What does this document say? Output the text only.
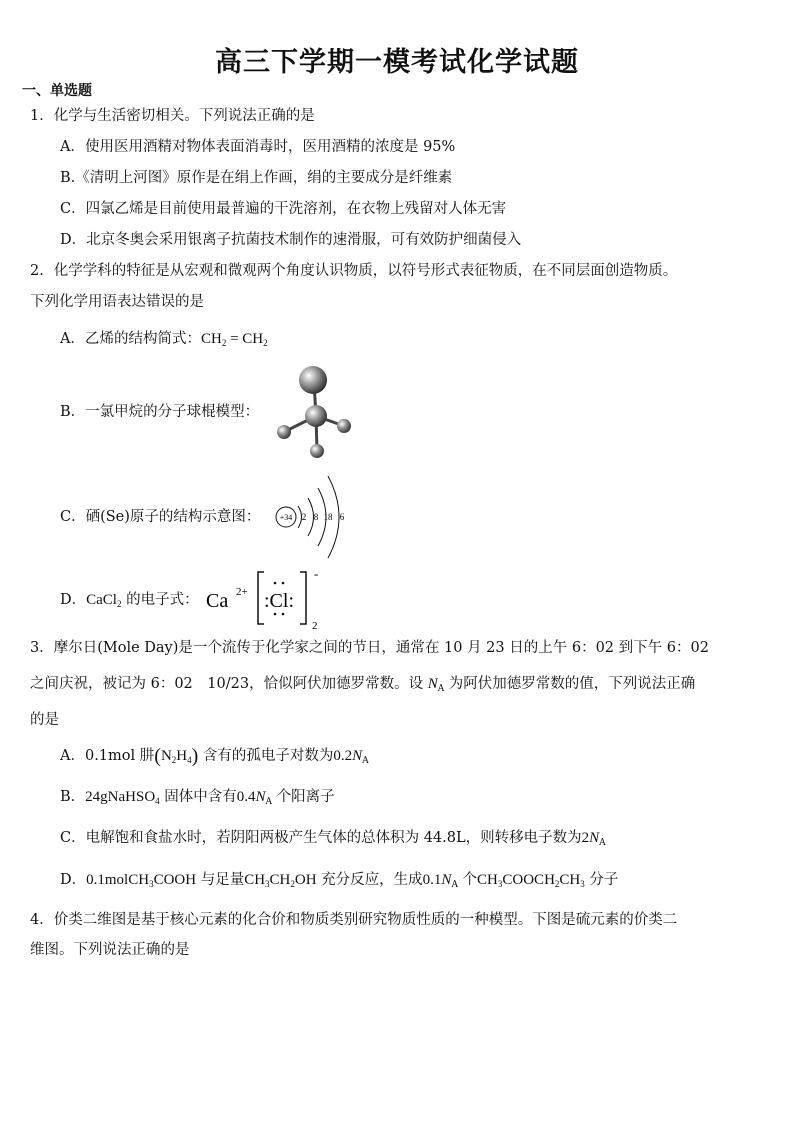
高三下学期一模考试化学试题
一、单选题
1．化学与生活密切相关。下列说法正确的是
A．使用医用酒精对物体表面消毒时，医用酒精的浓度是 95%
B.《清明上河图》原作是在绢上作画，绢的主要成分是纤维素
C．四氯乙烯是目前使用最普遍的干洗溶剂，在衣物上残留对人体无害
D．北京冬奥会采用银离子抗菌技术制作的速滑服，可有效防护细菌侵入
2．化学学科的特征是从宏观和微观两个角度认识物质，以符号形式表征物质，在不同层面创造物质。
下列化学用语表达错误的是
A．乙烯的结构简式：$CH_2 = CH_2$
B．一氯甲烷的分子球棍模型：
C．硒(Se)原子的结构示意图： +34 2 8 18 6
D．CaCl$_2$ 的电子式： Ca 2+ :Cl:
-
2
3．摩尔日(Mole Day)是一个流传于化学家之间的节日，通常在 10 月 23 日的上午 6：02 到下午 6：02
之间庆祝，被记为 6：02　10/23，恰似阿伏加德罗常数。设 $N_A$ 为阿伏加德罗常数的值，下列说法正确
的是
A．0.1mol 肼$(N_2H_4)$ 含有的孤电子对数为$0.2N_A$
B．24gNaHSO$_4$ 固体中含有$0.4N_A$ 个阳离子
C．电解饱和食盐水时，若阴阳两极产生气体的总体积为 44.8L，则转移电子数为$2N_A$
D．0.1molCH$_3$COOH 与足量$CH_3CH_2OH$ 充分反应，生成$0.1N_A$ 个$CH_3COOCH_2CH_3$ 分子
4．价类二维图是基于核心元素的化合价和物质类别研究物质性质的一种模型。下图是硫元素的价类二
维图。下列说法正确的是
